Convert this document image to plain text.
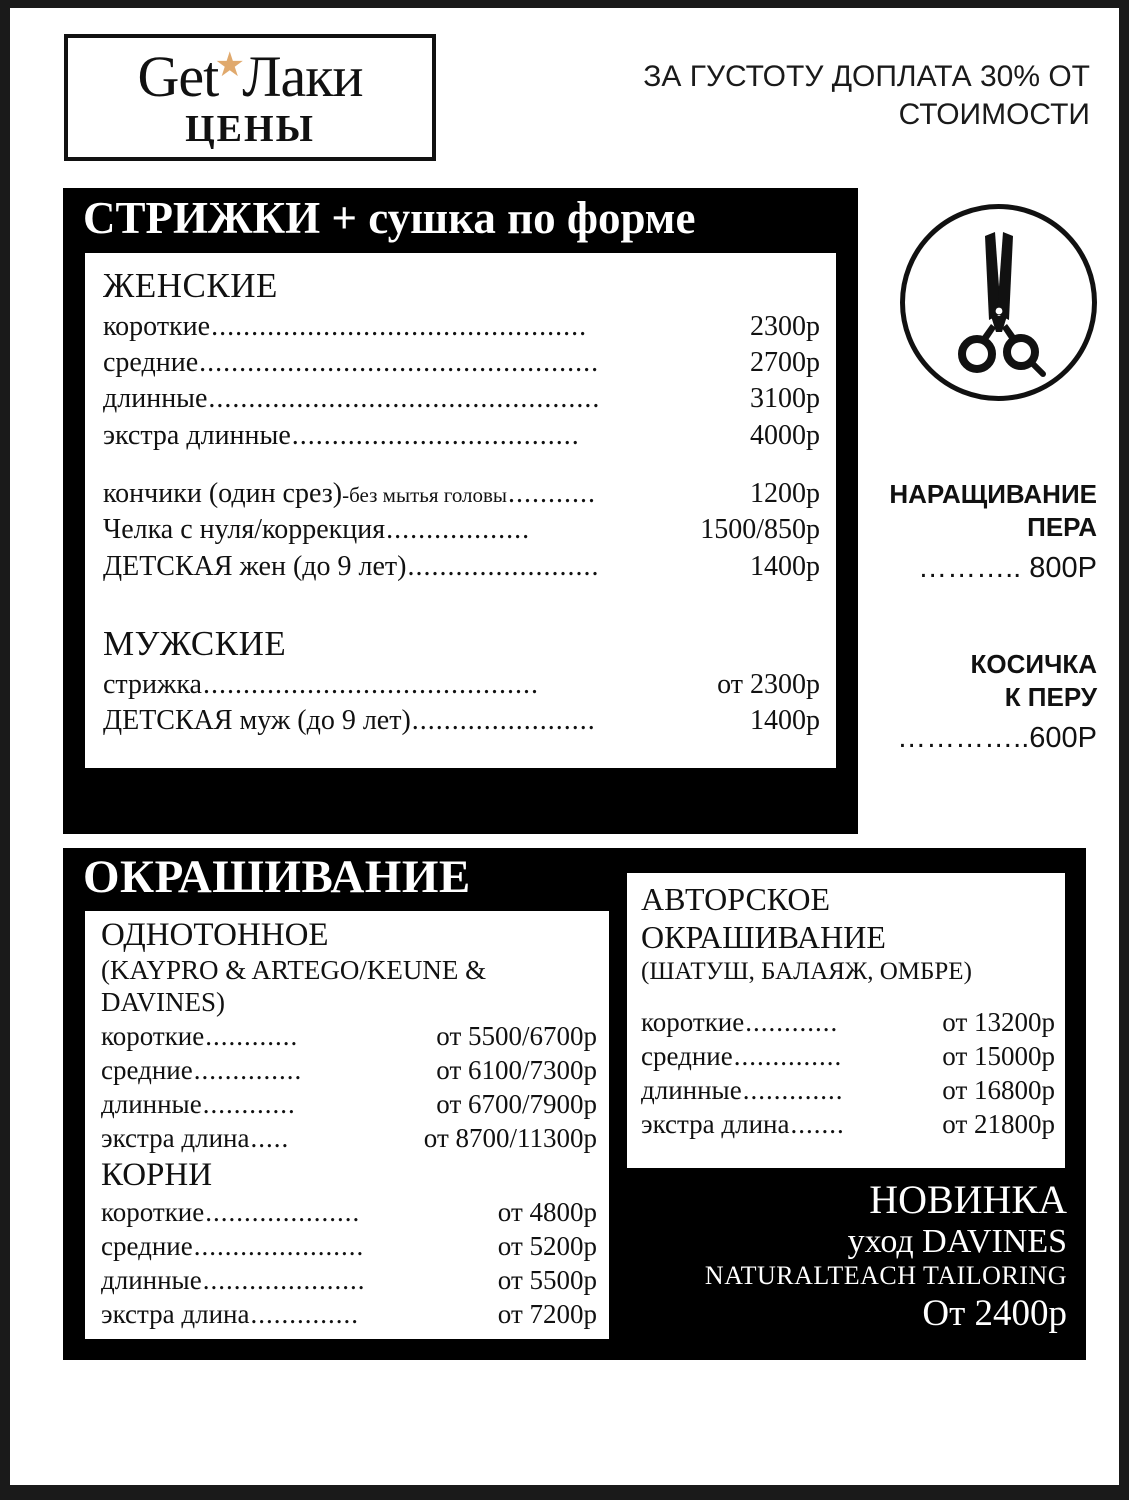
Get
★
Лаки
ЦЕНЫ
ЗА ГУСТОТУ ДОПЛАТА 30% ОТ
СТОИМОСТИ
СТРИЖКИ + сушка по форме
ЖЕНСКИЕ
короткие ...............................................	2300р
средние ..................................................	2700р
длинные .................................................	3100р
экстра длинные ....................................	4000р
кончики (один срез) -без мытья головы ...........	1200р
Челка с нуля/коррекция ..................	1500/850р
ДЕТСКАЯ жен (до 9 лет) ........................	1400р
МУЖСКИЕ
стрижка ..........................................	от 2300р
ДЕТСКАЯ муж (до 9 лет) .......................	1400р
НАРАЩИВАНИЕ
ПЕРА
……….. 800Р
КОСИЧКА
К ПЕРУ
…………..600Р
ОКРАШИВАНИЕ
ОДНОТОННОЕ
(KAYPRO & ARTEGO/KEUNE &
DAVINES)
короткие ............	от 5500/6700р
средние ..............	от 6100/7300р
длинные ............	от 6700/7900р
экстра длина .....	от 8700/11300р
КОРНИ
короткие ....................	от 4800р
средние ......................	от 5200р
длинные .....................	от 5500р
экстра длина ..............	от 7200р
АВТОРСКОЕ
ОКРАШИВАНИЕ
(ШАТУШ, БАЛАЯЖ, ОМБРЕ)
короткие ............	от 13200р
средние ..............	от 15000р
длинные .............	от 16800р
экстра длина .......	от 21800р
НОВИНКА
уход DAVINES
NATURALTEACH TAILORING
От 2400р
